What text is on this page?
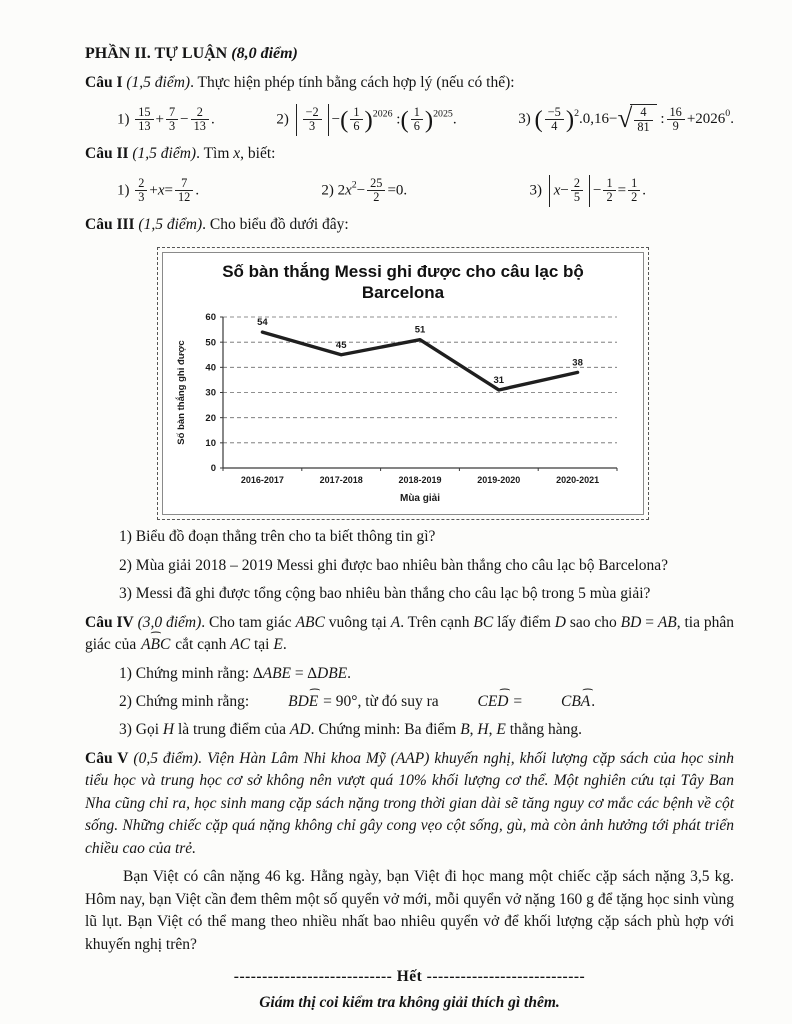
PHẦN II. TỰ LUẬN (8,0 điểm)
Câu I (1,5 điểm). Thực hiện phép tính bằng cách hợp lý (nếu có thể):
$1) \frac{15}{13} + \frac{7}{3} - \frac{2}{13}$ .	$2) \frac{-2}{3}$ −( $\frac{1}{6} )^{2026}$ :( $\frac{1}{6} )^{2025}$.	3) ( $\frac{-5}{4} )^2.0,16-√ \frac{4}{81}$ : $\frac{16}{9} +2026^0$.
Câu II (1,5 điểm). Tìm x, biết:
$1) \frac{2}{3} +x= \frac{7}{12}$ .	2) $2x^2- \frac{25}{2} =0$.	3) $x- \frac{2}{5} - \frac{1}{2} = \frac{1}{2}$ .
Câu III (1,5 điểm). Cho biểu đồ dưới đây:
Số bàn thắng Messi ghi được cho câu lạc bộ
Barcelona
0
10
20
30
40
50
60	54
45
51
31
38
2016-2017	2017-2018	2018-2019	2019-2020	2020-2021
Mùa giải
Số bàn thắng ghi được
1) Biểu đồ đoạn thẳng trên cho ta biết thông tin gì?
2) Mùa giải 2018 – 2019 Messi ghi được bao nhiêu bàn thắng cho câu lạc bộ Barcelona?
3) Messi đã ghi được tổng cộng bao nhiêu bàn thắng cho câu lạc bộ trong 5 mùa giải?
Câu IV (3,0 điểm). Cho tam giác ABC vuông tại A. Trên cạnh BC lấy điểm D sao cho BD = AB, tia phân giác của ⌢ ABC cắt cạnh AC tại E.
1) Chứng minh rằng: ∆ABE = ∆DBE.
2) Chứng minh rằng: ⌢ BDE = 90°, từ đó suy ra ⌢ CED = ⌢ CBA.
3) Gọi H là trung điểm của AD. Chứng minh: Ba điểm B, H, E thẳng hàng.
Câu V (0,5 điểm). Viện Hàn Lâm Nhi khoa Mỹ (AAP) khuyến nghị, khối lượng cặp sách của học sinh tiểu học và trung học cơ sở không nên vượt quá 10% khối lượng cơ thể. Một nghiên cứu tại Tây Ban Nha cũng chỉ ra, học sinh mang cặp sách nặng trong thời gian dài sẽ tăng nguy cơ mắc các bệnh về cột sống. Những chiếc cặp quá nặng không chỉ gây cong vẹo cột sống, gù, mà còn ảnh hưởng tới phát triển chiều cao của trẻ.
Bạn Việt có cân nặng 46 kg. Hằng ngày, bạn Việt đi học mang một chiếc cặp sách nặng 3,5 kg. Hôm nay, bạn Việt cần đem thêm một số quyển vở mới, mỗi quyển vở nặng 160 g để tặng học sinh vùng lũ lụt. Bạn Việt có thể mang theo nhiều nhất bao nhiêu quyển vở để khối lượng cặp sách phù hợp với khuyến nghị trên?
---------------------------- Hết ----------------------------
Giám thị coi kiểm tra không giải thích gì thêm.
